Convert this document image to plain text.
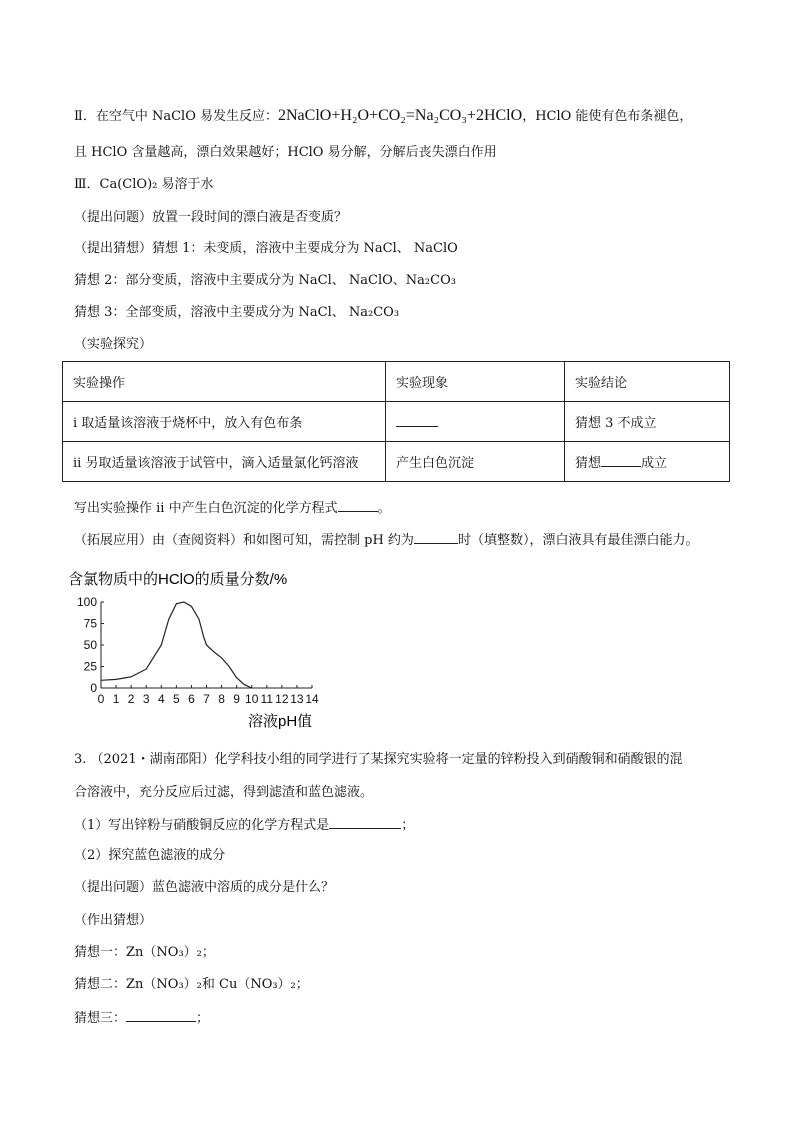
Ⅱ．在空气中 NaClO 易发生反应：2NaClO+H₂O+CO₂=Na₂CO₃+2HClO，HClO 能使有色布条褪色，
且 HClO 含量越高，漂白效果越好；HClO 易分解，分解后丧失漂白作用
Ⅲ．Ca(ClO)₂ 易溶于水
（提出问题）放置一段时间的漂白液是否变质？
（提出猜想）猜想 1：未变质，溶液中主要成分为 NaCl、 NaClO
猜想 2：部分变质，溶液中主要成分为 NaCl、 NaClO、Na₂CO₃
猜想 3：全部变质，溶液中主要成分为 NaCl、 Na₂CO₃
（实验探究）
实验操作	实验现象	实验结论
i 取适量该溶液于烧杯中，放入有色布条		猜想 3 不成立
ii 另取适量该溶液于试管中，滴入适量氯化钙溶液	产生白色沉淀	猜想 成立
写出实验操作 ii 中产生白色沉淀的化学方程式	。
（拓展应用）由（查阅资料）和如图可知，需控制 pH 约为	时（填整数），漂白液具有最佳漂白能力。
含氯物质中的HClO的质量分数/%
0
25
50
75
100
0 1 2 3 4 5 6 7 8 9 10 11 12 13 14
溶液pH值
3. （2021・湖南邵阳）化学科技小组的同学进行了某探究实验将一定量的锌粉投入到硝酸铜和硝酸银的混
合溶液中，充分反应后过滤，得到滤渣和蓝色滤液。
（1）写出锌粉与硝酸铜反应的化学方程式是	；
（2）探究蓝色滤液的成分
（提出问题）蓝色滤液中溶质的成分是什么？
（作出猜想）
猜想一：Zn（NO₃）₂；
猜想二：Zn（NO₃）₂和 Cu（NO₃）₂；
猜想三：	；
